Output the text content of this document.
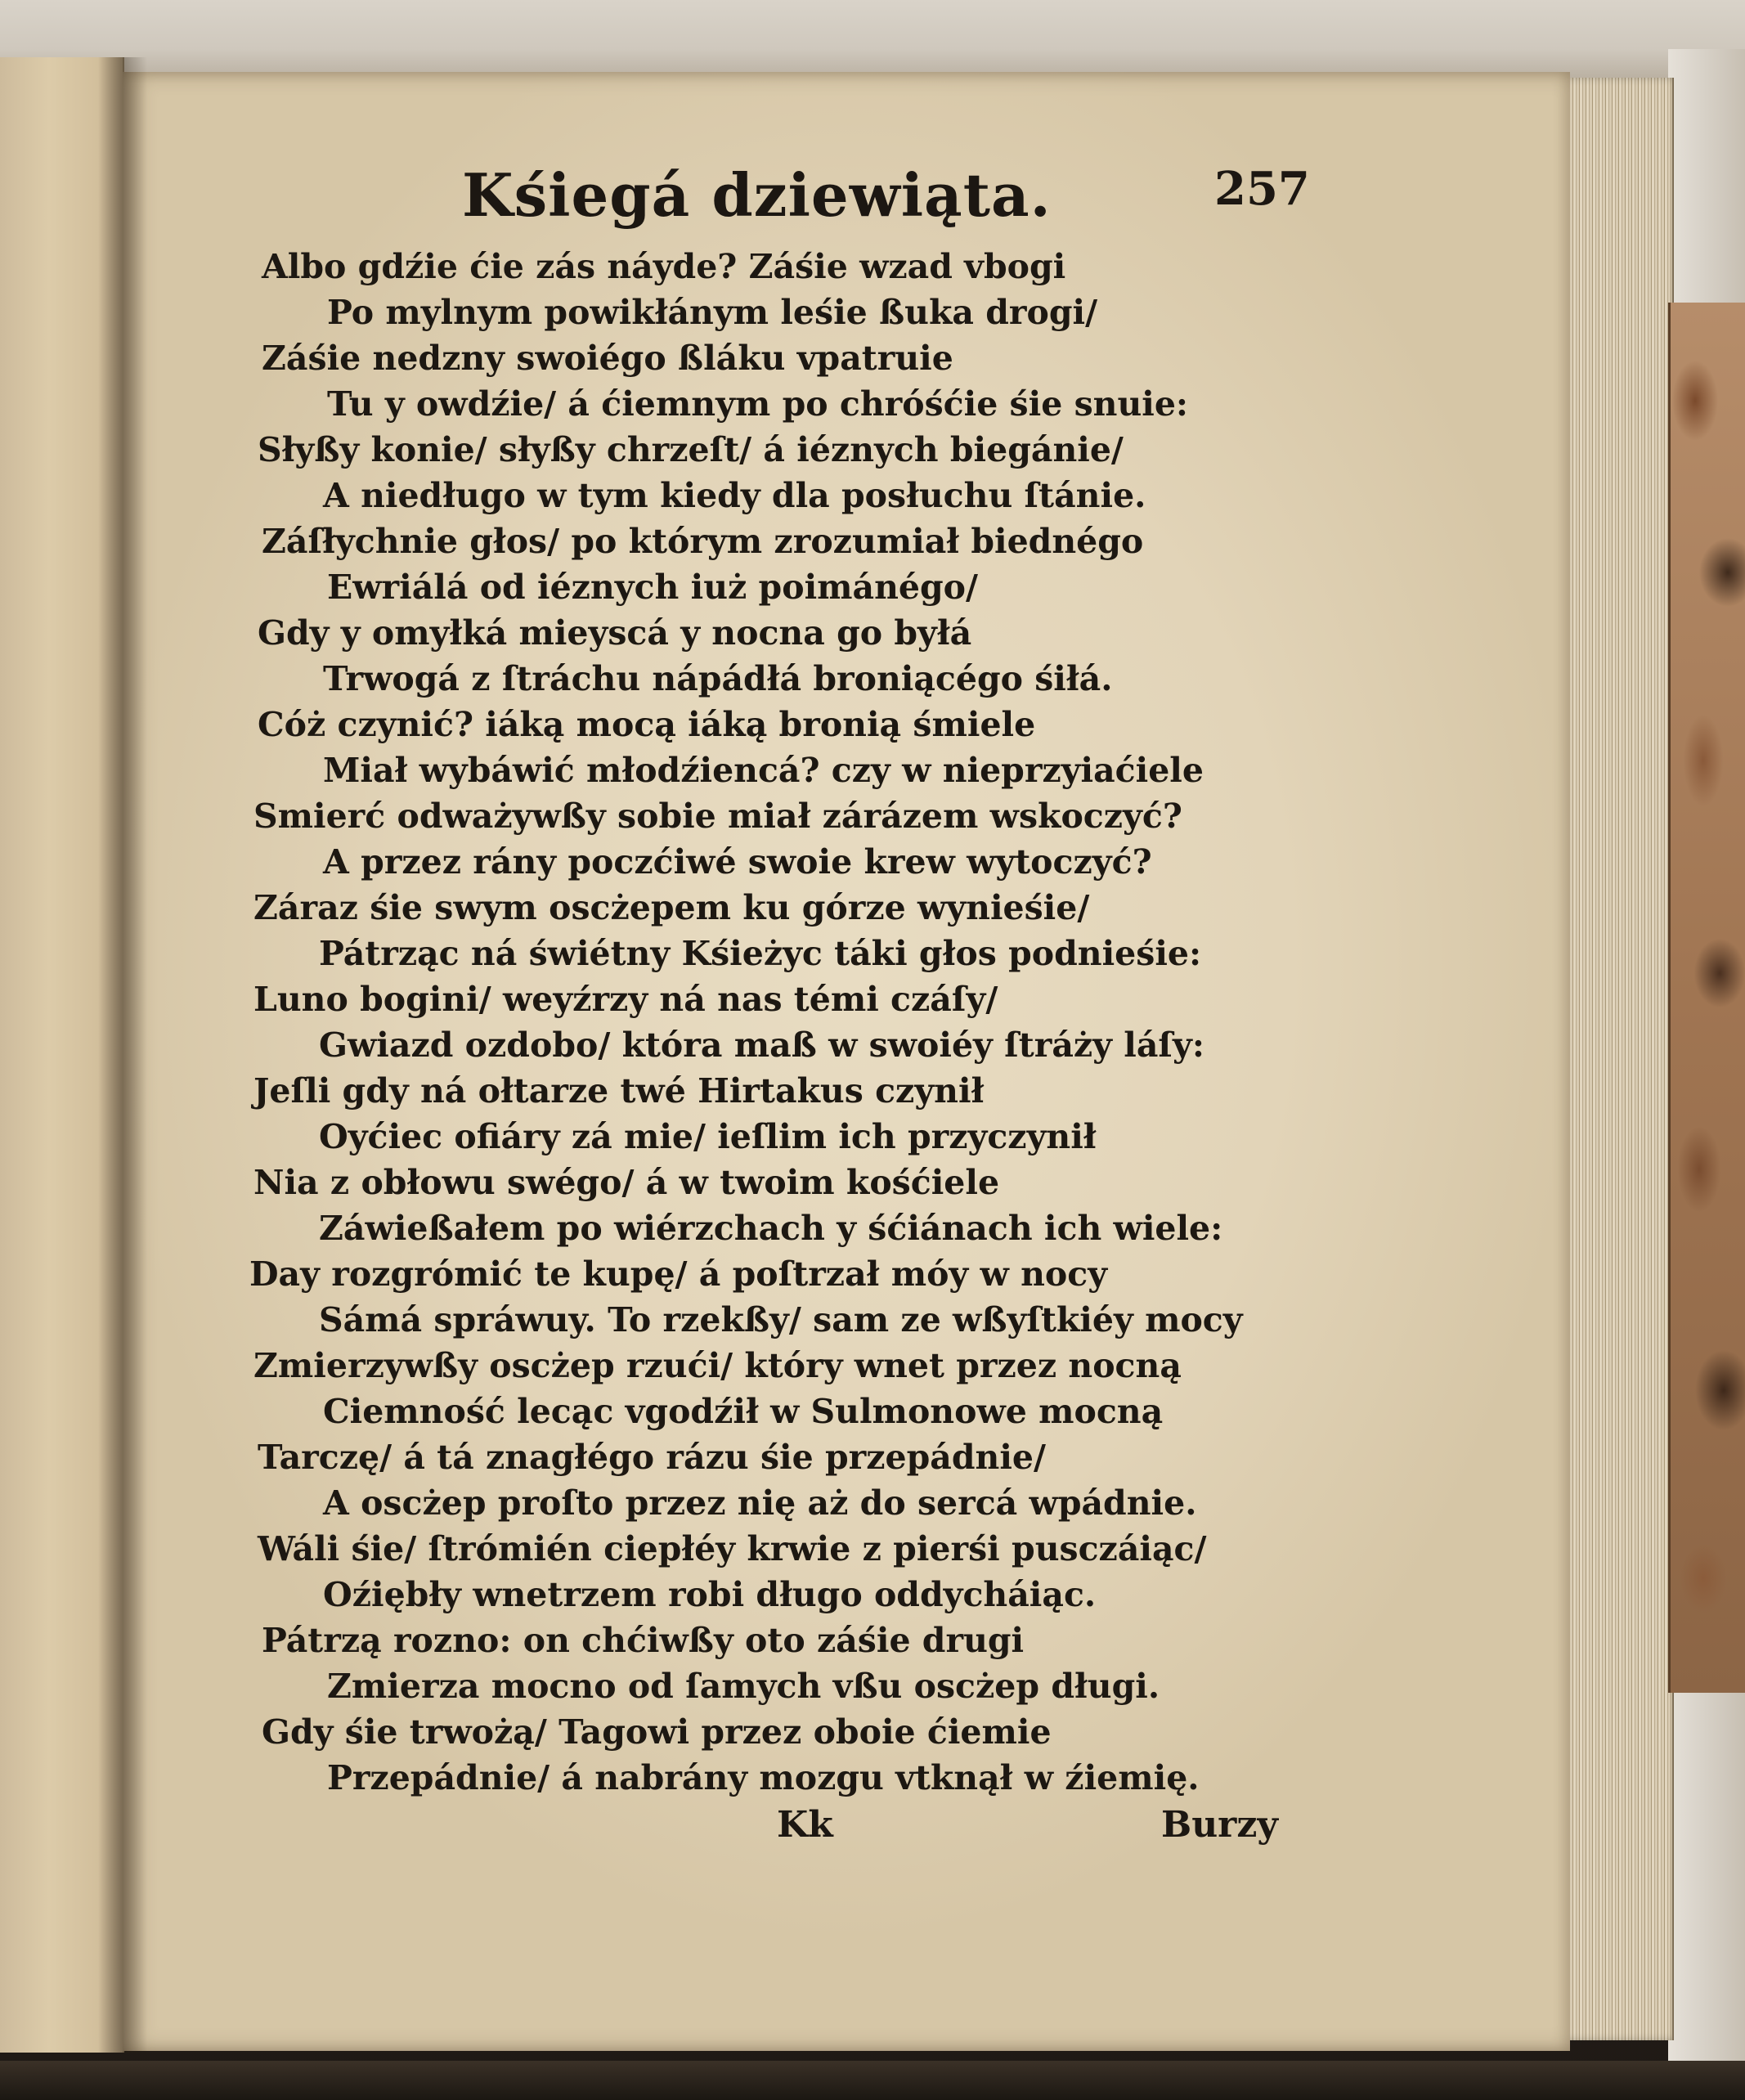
Kśiegá dziewiąta.	257
Albo gdźie ćie zás náyde? Záśie wzad vbogi
Po mylnym powikłánym leśie ßuka drogi/
Záśie nedzny swoiégo ßláku vpatruie
Tu y owdźie/ á ćiemnym po chróśćie śie snuie:
Słyßy konie/ słyßy chrzeſt/ á iéznych biegánie/
A niedługo w tym kiedy dla posłuchu ſtánie.
Záſłychnie głos/ po którym zrozumiał biednégo
Ewriálá od iéznych iuż poimánégo/
Gdy y omyłká mieyscá y nocna go byłá
Trwogá z ſtráchu nápádłá broniącégo śiłá.
Cóż czynić? iáką mocą iáką bronią śmiele
Miał wybáwić młodźiencá? czy w nieprzyiaćiele
Smierć odważywßy sobie miał zárázem wskoczyć?
A przez rány poczćiwé swoie krew wytoczyć?
Záraz śie swym oscżepem ku górze wynieśie/
Pátrząc ná świétny Kśieżyc táki głos podnieśie:
Luno bogini/ weyźrzy ná nas témi czáſy/
Gwiazd ozdobo/ która maß w swoiéy ſtráży láſy:
Jeſli gdy ná ołtarze twé Hirtakus czynił
Oyćiec ofiáry zá mie/ ieſlim ich przyczynił
Nia z obłowu swégo/ á w twoim kośćiele
Záwießałem po wiérzchach y śćiánach ich wiele:
Day rozgrómić te kupę/ á poſtrzał móy w nocy
Sámá spráwuy. To rzekßy/ sam ze wßyſtkiéy mocy
Zmierzywßy oscżep rzući/ który wnet przez nocną
Ciemność lecąc vgodźił w Sulmonowe mocną
Tarczę/ á tá znagłégo rázu śie przepádnie/
A oscżep proſto przez nię aż do sercá wpádnie.
Wáli śie/ ſtrómién ciepłéy krwie z pierśi pusczáiąc/
Oźiębły wnetrzem robi długo oddycháiąc.
Pátrzą rozno: on chćiwßy oto záśie drugi
Zmierza mocno od ſamych vßu oscżep długi.
Gdy śie trwożą/ Tagowi przez oboie ćiemie
Przepádnie/ á nabrány mozgu vtknął w źiemię.
Kk	Burzy
